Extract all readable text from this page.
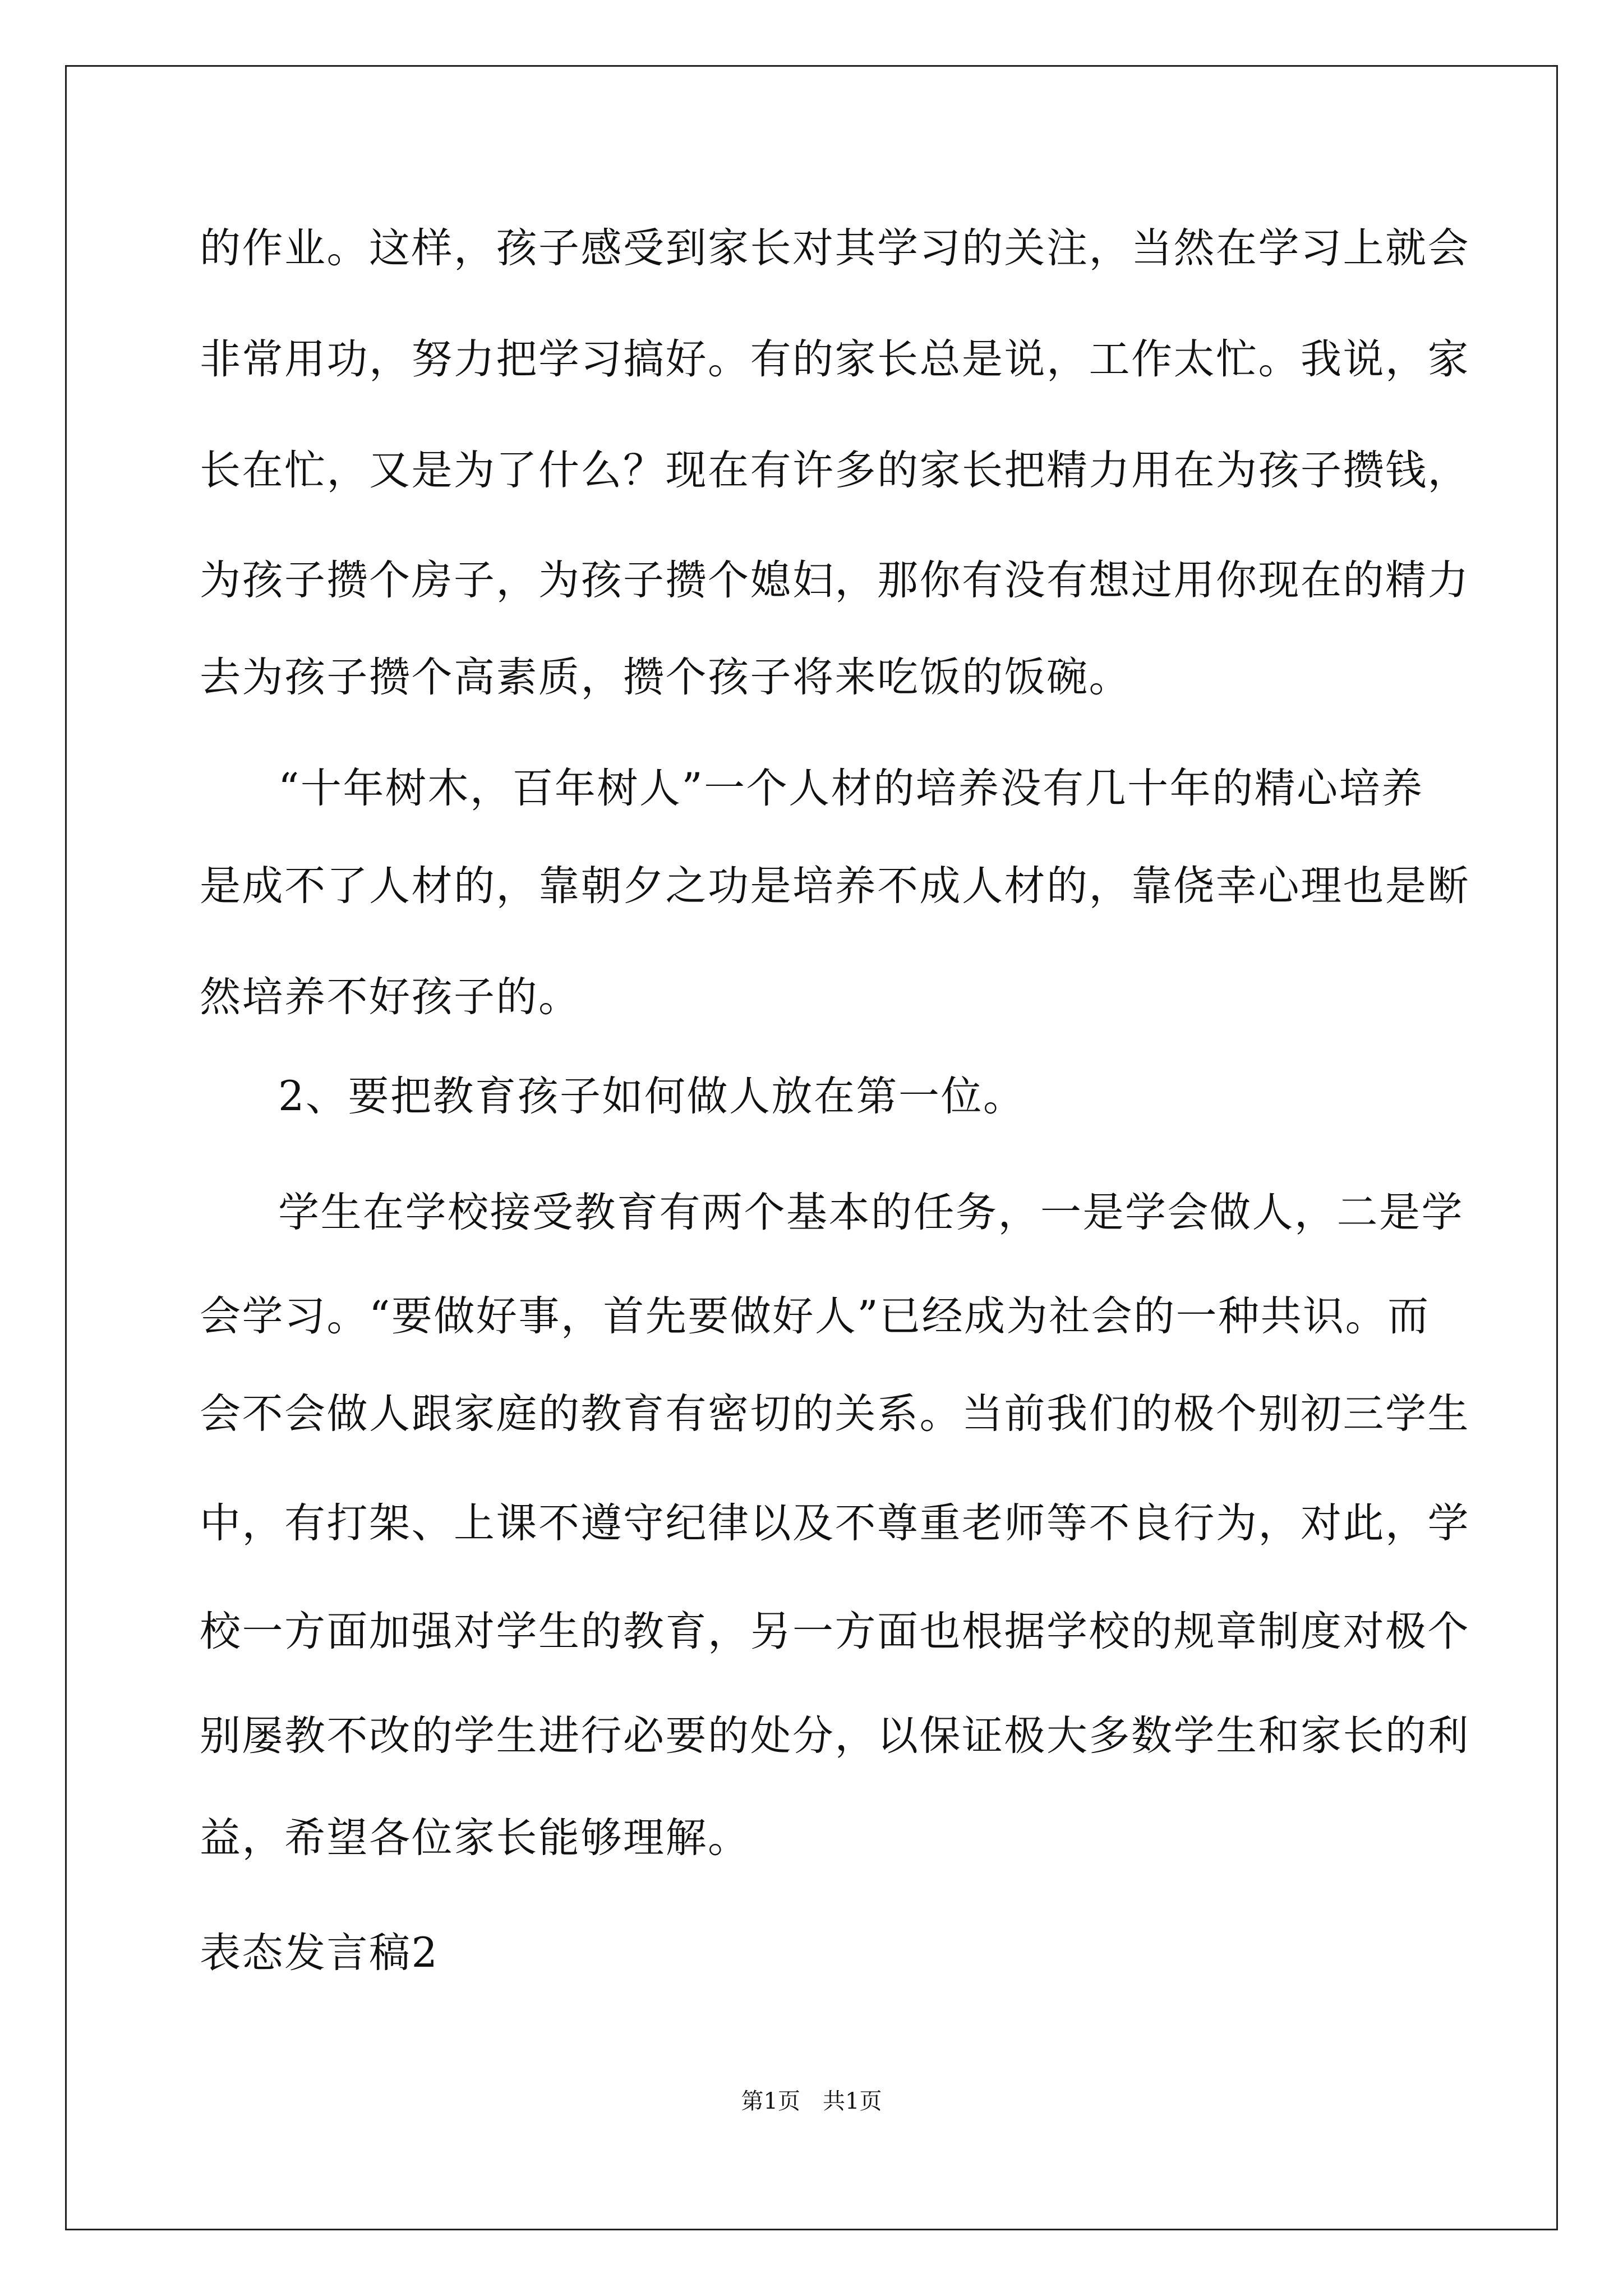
的作业。这样，孩子感受到家长对其学习的关注，当然在学习上就会
非常用功，努力把学习搞好。有的家长总是说，工作太忙。我说，家
长在忙，又是为了什么？现在有许多的家长把精力用在为孩子攒钱，
为孩子攒个房子，为孩子攒个媳妇，那你有没有想过用你现在的精力
去为孩子攒个高素质，攒个孩子将来吃饭的饭碗。
“十年树木，百年树人”一个人材的培养没有几十年的精心培养
是成不了人材的，靠朝夕之功是培养不成人材的，靠侥幸心理也是断
然培养不好孩子的。
2、要把教育孩子如何做人放在第一位。
学生在学校接受教育有两个基本的任务，一是学会做人，二是学
会学习。“要做好事，首先要做好人”已经成为社会的一种共识。而
会不会做人跟家庭的教育有密切的关系。当前我们的极个别初三学生
中，有打架、上课不遵守纪律以及不尊重老师等不良行为，对此，学
校一方面加强对学生的教育，另一方面也根据学校的规章制度对极个
别屡教不改的学生进行必要的处分，以保证极大多数学生和家长的利
益，希望各位家长能够理解。
表态发言稿2
第1页　共1页
